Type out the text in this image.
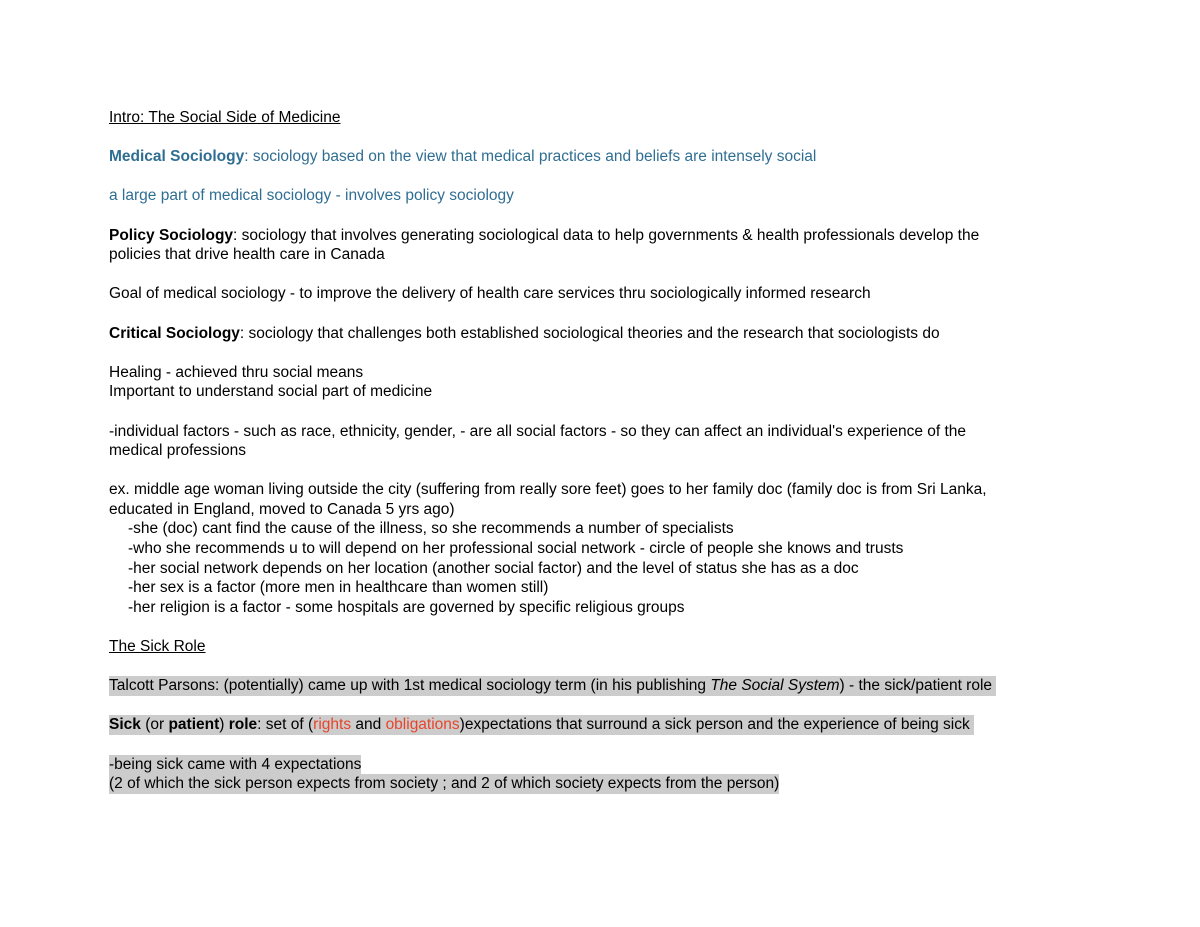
Intro: The Social Side of Medicine
Medical Sociology: sociology based on the view that medical practices and beliefs are intensely social
a large part of medical sociology - involves policy sociology
Policy Sociology: sociology that involves generating sociological data to help governments & health professionals develop the
policies that drive health care in Canada
Goal of medical sociology - to improve the delivery of health care services thru sociologically informed research
Critical Sociology: sociology that challenges both established sociological theories and the research that sociologists do
Healing - achieved thru social means
Important to understand social part of medicine
-individual factors - such as race, ethnicity, gender, - are all social factors - so they can affect an individual's experience of the
medical professions
ex. middle age woman living outside the city (suffering from really sore feet) goes to her family doc (family doc is from Sri Lanka,
educated in England, moved to Canada 5 yrs ago)
-she (doc) cant find the cause of the illness, so she recommends a number of specialists
-who she recommends u to will depend on her professional social network - circle of people she knows and trusts
-her social network depends on her location (another social factor) and the level of status she has as a doc
-her sex is a factor (more men in healthcare than women still)
-her religion is a factor - some hospitals are governed by specific religious groups
The Sick Role
Talcott Parsons: (potentially) came up with 1st medical sociology term (in his publishing The Social System) - the sick/patient role
Sick (or patient) role: set of (rights and obligations)expectations that surround a sick person and the experience of being sick
-being sick came with 4 expectations
(2 of which the sick person expects from society ; and 2 of which society expects from the person)
